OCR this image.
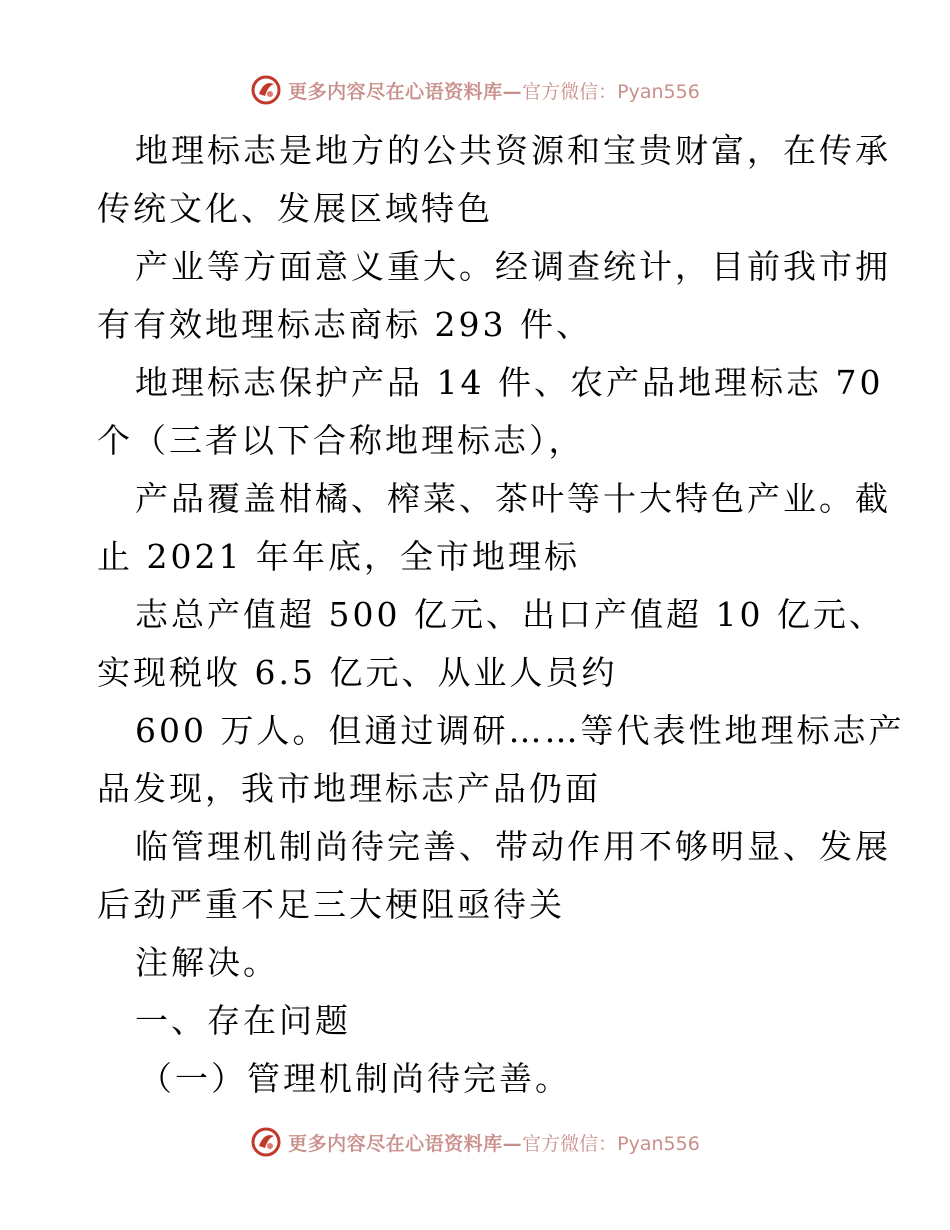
更多内容尽在心语资料库— 官方微信：Pyan556
地理标志是地方的公共资源和宝贵财富，在传承
传统文化、发展区域特色
产业等方面意义重大。经调查统计，目前我市拥
有有效地理标志商标 293 件、
地理标志保护产品 14 件、农产品地理标志 70
个（三者以下合称地理标志），
产品覆盖柑橘、榨菜、茶叶等十大特色产业。截
止 2021 年年底，全市地理标
志总产值超 500 亿元、出口产值超 10 亿元、
实现税收 6.5 亿元、从业人员约
600 万人。但通过调研……等代表性地理标志产
品发现，我市地理标志产品仍面
临管理机制尚待完善、带动作用不够明显、发展
后劲严重不足三大梗阻亟待关
注解决。
一、存在问题
（一）管理机制尚待完善。
更多内容尽在心语资料库— 官方微信：Pyan556
